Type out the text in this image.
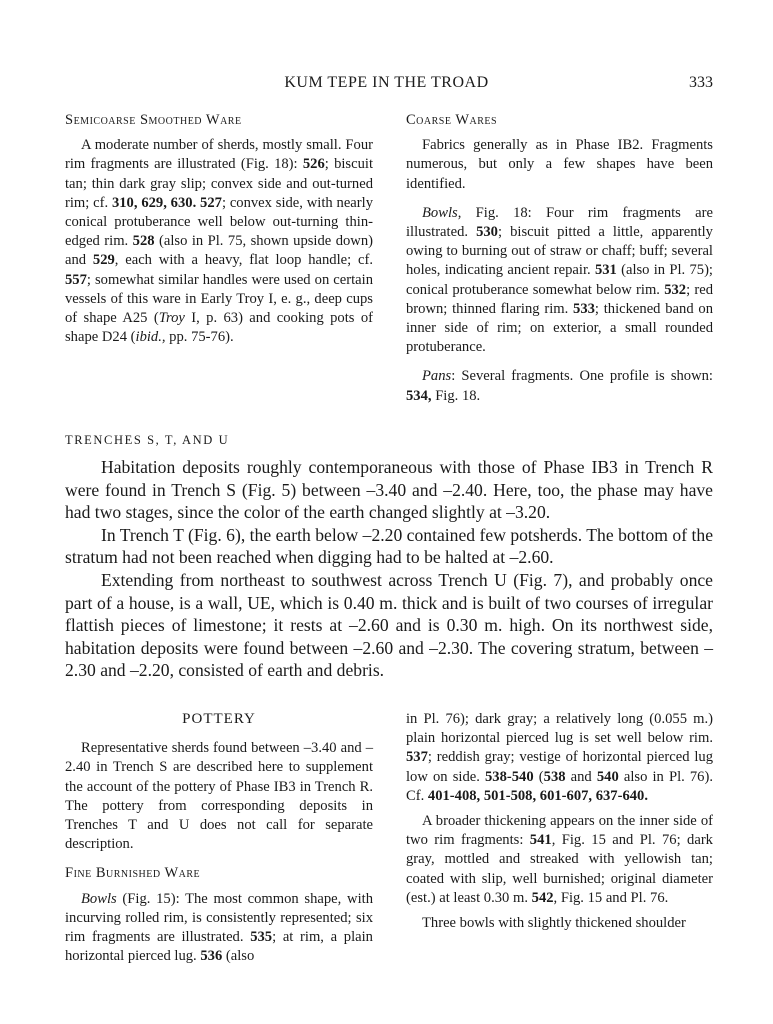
KUM TEPE IN THE TROAD	333
Semicoarse Smoothed Ware

A moderate number of sherds, mostly small. Four rim fragments are illustrated (Fig. 18): 526; biscuit tan; thin dark gray slip; convex side and out-turned rim; cf. 310, 629, 630. 527; convex side, with nearly conical protuberance well below out-turning thin-edged rim. 528 (also in Pl. 75, shown upside down) and 529, each with a heavy, flat loop handle; cf. 557; somewhat similar handles were used on certain vessels of this ware in Early Troy I, e. g., deep cups of shape A25 (Troy I, p. 63) and cooking pots of shape D24 (ibid., pp. 75-76).

Coarse Wares

Fabrics generally as in Phase IB2. Fragments numerous, but only a few shapes have been identified.

Bowls, Fig. 18: Four rim fragments are illustrated. 530; biscuit pitted a little, apparently owing to burning out of straw or chaff; buff; several holes, indicating ancient repair. 531 (also in Pl. 75); conical protuberance somewhat below rim. 532; red brown; thinned flaring rim. 533; thickened band on inner side of rim; on exterior, a small rounded protuberance.

Pans: Several fragments. One profile is shown: 534, Fig. 18.

TRENCHES S, T, AND U

Habitation deposits roughly contemporaneous with those of Phase IB3 in Trench R were found in Trench S (Fig. 5) between –3.40 and –2.40. Here, too, the phase may have had two stages, since the color of the earth changed slightly at –3.20.

In Trench T (Fig. 6), the earth below –2.20 contained few potsherds. The bottom of the stratum had not been reached when digging had to be halted at –2.60.

Extending from northeast to southwest across Trench U (Fig. 7), and probably once part of a house, is a wall, UE, which is 0.40 m. thick and is built of two courses of irregular flattish pieces of limestone; it rests at –2.60 and is 0.30 m. high. On its northwest side, habitation deposits were found between –2.60 and –2.30. The covering stratum, between –2.30 and –2.20, consisted of earth and debris.

POTTERY

Representative sherds found between –3.40 and –2.40 in Trench S are described here to supplement the account of the pottery of Phase IB3 in Trench R. The pottery from corresponding deposits in Trenches T and U does not call for separate description.

Fine Burnished Ware

Bowls (Fig. 15): The most common shape, with incurving rolled rim, is consistently represented; six rim fragments are illustrated. 535; at rim, a plain horizontal pierced lug. 536 (also

in Pl. 76); dark gray; a relatively long (0.055 m.) plain horizontal pierced lug is set well below rim. 537; reddish gray; vestige of horizontal pierced lug low on side. 538-540 (538 and 540 also in Pl. 76). Cf. 401-408, 501-508, 601-607, 637-640.

A broader thickening appears on the inner side of two rim fragments: 541, Fig. 15 and Pl. 76; dark gray, mottled and streaked with yellowish tan; coated with slip, well burnished; original diameter (est.) at least 0.30 m. 542, Fig. 15 and Pl. 76.

Three bowls with slightly thickened shoulder
